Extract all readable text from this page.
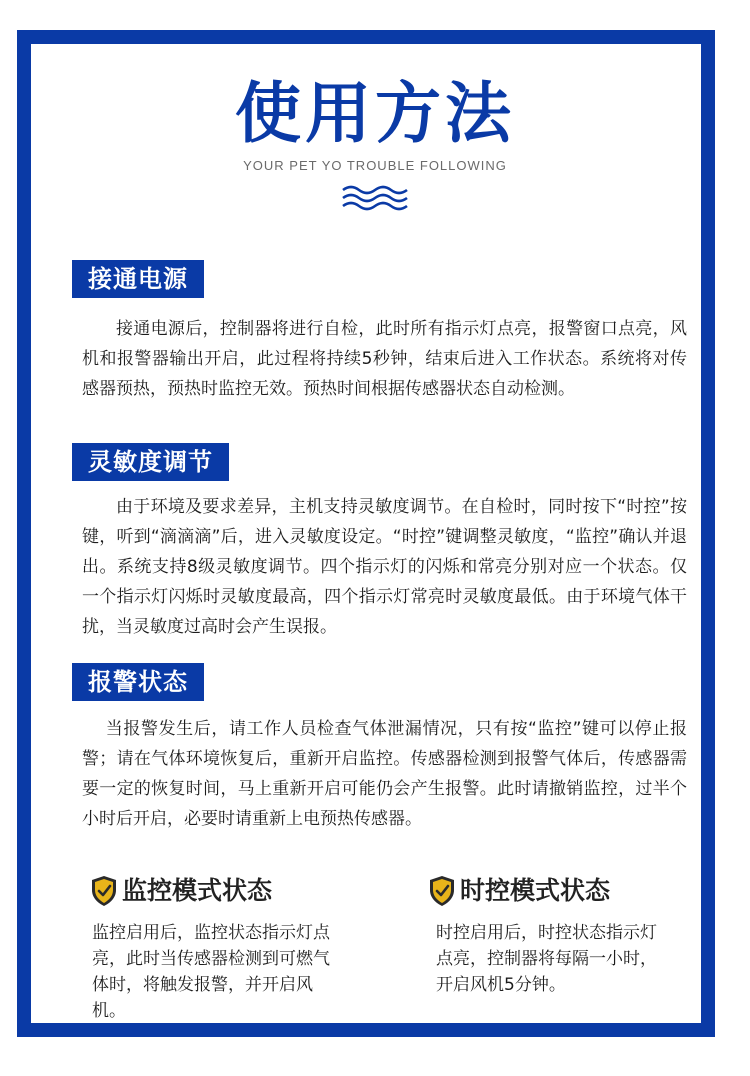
使用方法
YOUR PET YO TROUBLE FOLLOWING
接通电源

接通电源后，控制器将进行自检，此时所有指示灯点亮，报警窗口点亮，风机和报警器输出开启，此过程将持续5秒钟，结束后进入工作状态。系统将对传感器预热，预热时监控无效。预热时间根据传感器状态自动检测。

灵敏度调节

由于环境及要求差异，主机支持灵敏度调节。在自检时，同时按下“时控”按键，听到“滴滴滴”后，进入灵敏度设定。“时控”键调整灵敏度，“监控”确认并退出。系统支持8级灵敏度调节。四个指示灯的闪烁和常亮分别对应一个状态。仅一个指示灯闪烁时灵敏度最高，四个指示灯常亮时灵敏度最低。由于环境气体干扰，当灵敏度过高时会产生误报。

报警状态

当报警发生后，请工作人员检查气体泄漏情况，只有按“监控”键可以停止报警；请在气体环境恢复后，重新开启监控。传感器检测到报警气体后，传感器需要一定的恢复时间，马上重新开启可能仍会产生报警。此时请撤销监控，过半个小时后开启，必要时请重新上电预热传感器。

监控模式状态

监控启用后，监控状态指示灯点亮，此时当传感器检测到可燃气体时，将触发报警，并开启风机。

时控模式状态

时控启用后，时控状态指示灯点亮，控制器将每隔一小时，开启风机5分钟。
